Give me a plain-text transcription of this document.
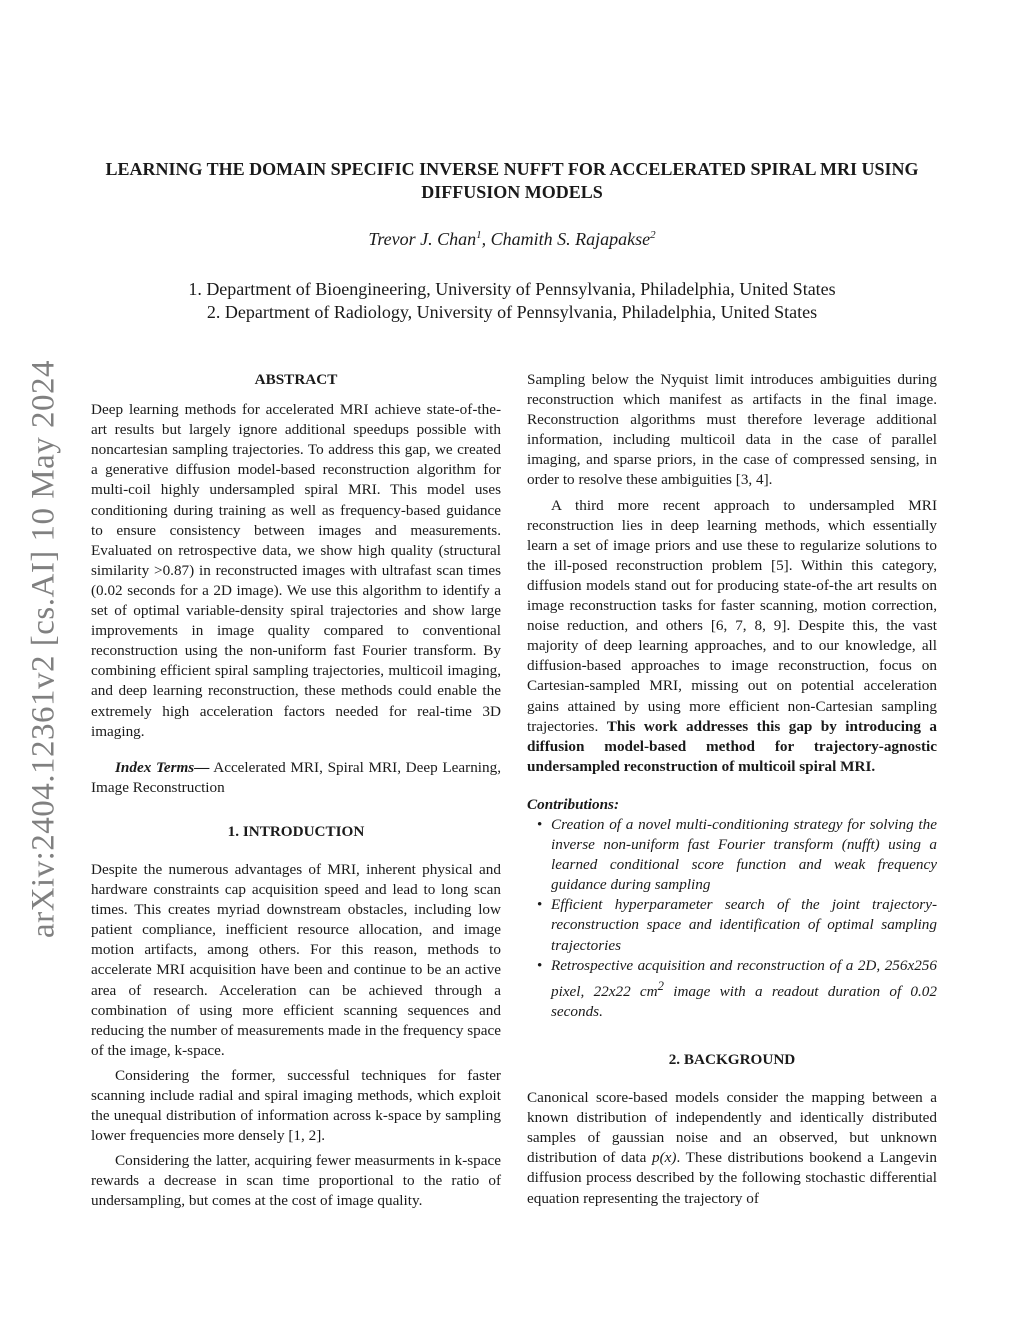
arXiv:2404.12361v2 [cs.AI] 10 May 2024
LEARNING THE DOMAIN SPECIFIC INVERSE NUFFT FOR ACCELERATED SPIRAL MRI USING DIFFUSION MODELS
Trevor J. Chan$^1$, Chamith S. Rajapakse$^2$
1. Department of Bioengineering, University of Pennsylvania, Philadelphia, United States
2. Department of Radiology, University of Pennsylvania, Philadelphia, United States
ABSTRACT

Deep learning methods for accelerated MRI achieve state-of-the-art results but largely ignore additional speedups possible with noncartesian sampling trajectories. To address this gap, we created a generative diffusion model-based reconstruction algorithm for multi-coil highly undersampled spiral MRI. This model uses conditioning during training as well as frequency-based guidance to ensure consistency between images and measurements. Evaluated on retrospective data, we show high quality (structural similarity >0.87) in reconstructed images with ultrafast scan times (0.02 seconds for a 2D image). We use this algorithm to identify a set of optimal variable-density spiral trajectories and show large improvements in image quality compared to conventional reconstruction using the non-uniform fast Fourier transform. By combining efficient spiral sampling trajectories, multicoil imaging, and deep learning reconstruction, these methods could enable the extremely high acceleration factors needed for real-time 3D imaging.

Index Terms— Accelerated MRI, Spiral MRI, Deep Learning, Image Reconstruction

1. INTRODUCTION

Despite the numerous advantages of MRI, inherent physical and hardware constraints cap acquisition speed and lead to long scan times. This creates myriad downstream obstacles, including low patient compliance, inefficient resource allocation, and image motion artifacts, among others. For this reason, methods to accelerate MRI acquisition have been and continue to be an active area of research. Acceleration can be achieved through a combination of using more efficient scanning sequences and reducing the number of measurements made in the frequency space of the image, k-space.

Considering the former, successful techniques for faster scanning include radial and spiral imaging methods, which exploit the unequal distribution of information across k-space by sampling lower frequencies more densely [1, 2].

Considering the latter, acquiring fewer measurments in k-space rewards a decrease in scan time proportional to the ratio of undersampling, but comes at the cost of image quality.

Sampling below the Nyquist limit introduces ambiguities during reconstruction which manifest as artifacts in the final image. Reconstruction algorithms must therefore leverage additional information, including multicoil data in the case of parallel imaging, and sparse priors, in the case of compressed sensing, in order to resolve these ambiguities [3, 4].

A third more recent approach to undersampled MRI reconstruction lies in deep learning methods, which essentially learn a set of image priors and use these to regularize solutions to the ill-posed reconstruction problem [5]. Within this category, diffusion models stand out for producing state-of-the art results on image reconstruction tasks for faster scanning, motion correction, noise reduction, and others [6, 7, 8, 9]. Despite this, the vast majority of deep learning approaches, and to our knowledge, all diffusion-based approaches to image reconstruction, focus on Cartesian-sampled MRI, missing out on potential acceleration gains attained by using more efficient non-Cartesian sampling trajectories. This work addresses this gap by introducing a diffusion model-based method for trajectory-agnostic undersampled reconstruction of multicoil spiral MRI.

Contributions:
• Creation of a novel multi-conditioning strategy for solving the inverse non-uniform fast Fourier transform (nufft) using a learned conditional score function and weak frequency guidance during sampling
• Efficient hyperparameter search of the joint trajectory-reconstruction space and identification of optimal sampling trajectories
• Retrospective acquisition and reconstruction of a 2D, 256x256 pixel, 22x22 $cm^2$ image with a readout duration of 0.02 seconds.
2. BACKGROUND

Canonical score-based models consider the mapping between a known distribution of independently and identically distributed samples of gaussian noise and an observed, but unknown distribution of data p(x). These distributions bookend a Langevin diffusion process described by the following stochastic differential equation representing the trajectory of
